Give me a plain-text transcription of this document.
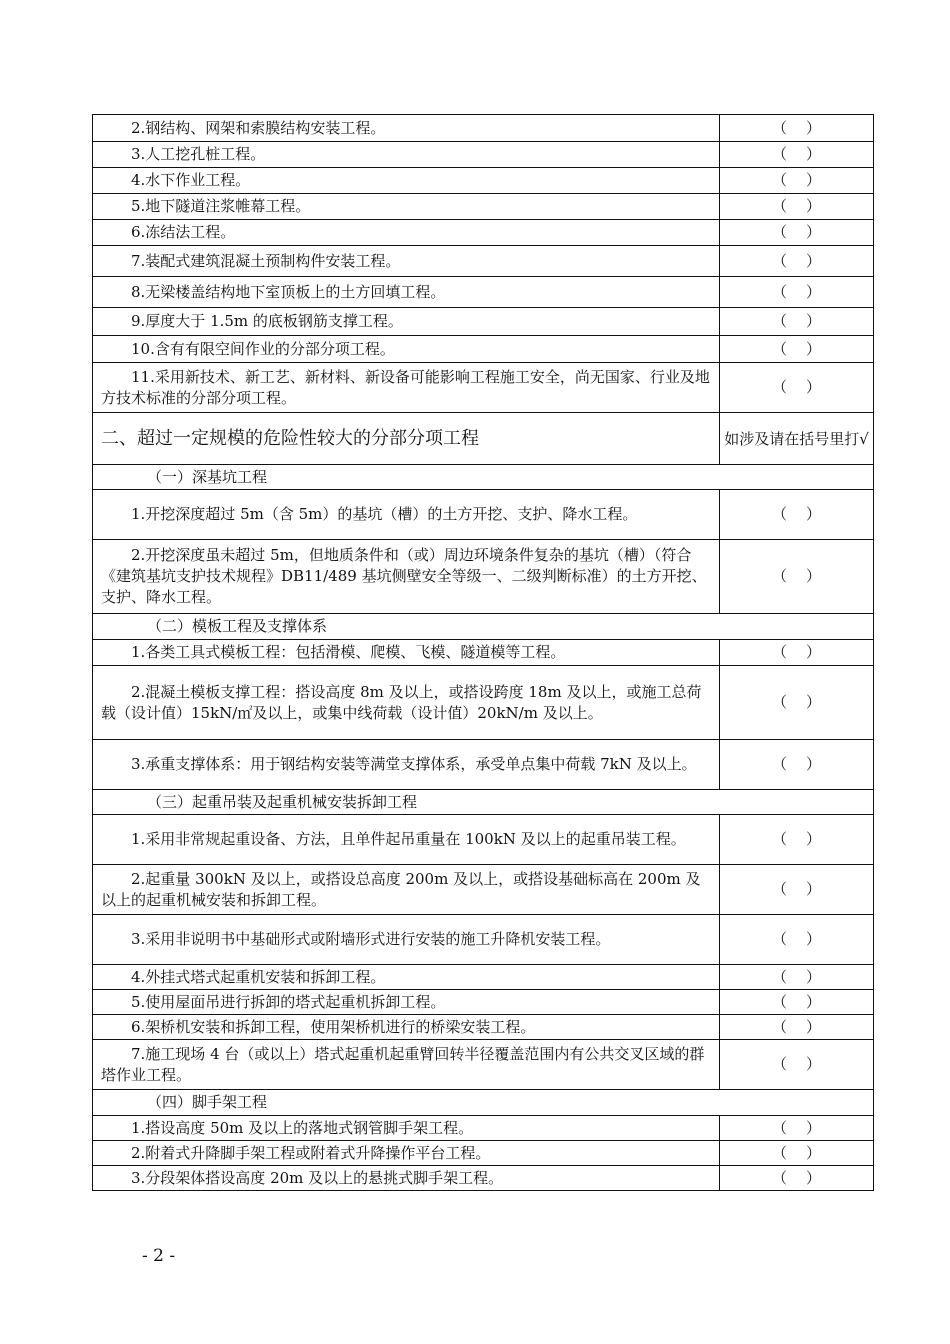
2.钢结构、网架和索膜结构安装工程。	（    ）
3.人工挖孔桩工程。	（    ）
4.水下作业工程。	（    ）
5.地下隧道注浆帷幕工程。	（    ）
6.冻结法工程。	（    ）
7.装配式建筑混凝土预制构件安装工程。	（    ）
8.无梁楼盖结构地下室顶板上的土方回填工程。	（    ）
9.厚度大于 1.5m 的底板钢筋支撑工程。	（    ）
10.含有有限空间作业的分部分项工程。	（    ）
11.采用新技术、新工艺、新材料、新设备可能影响工程施工安全，尚无国家、行业及地方技术标准的分部分项工程。	（    ）
二、超过一定规模的危险性较大的分部分项工程	如涉及请在括号里打√
（一）深基坑工程	
1.开挖深度超过 5m（含 5m）的基坑（槽）的土方开挖、支护、降水工程。	（    ）
2.开挖深度虽未超过 5m，但地质条件和（或）周边环境条件复杂的基坑（槽）（符合《建筑基坑支护技术规程》DB11/489 基坑侧壁安全等级一、二级判断标准）的土方开挖、支护、降水工程。	（    ）
（二）模板工程及支撑体系	
1.各类工具式模板工程：包括滑模、爬模、飞模、隧道模等工程。	（    ）
2.混凝土模板支撑工程：搭设高度 8m 及以上，或搭设跨度 18m 及以上，或施工总荷载（设计值）15kN/㎡及以上，或集中线荷载（设计值）20kN/m 及以上。	（    ）
3.承重支撑体系：用于钢结构安装等满堂支撑体系，承受单点集中荷载 7kN 及以上。	（    ）
（三）起重吊装及起重机械安装拆卸工程	
1.采用非常规起重设备、方法，且单件起吊重量在 100kN 及以上的起重吊装工程。	（    ）
2.起重量 300kN 及以上，或搭设总高度 200m 及以上，或搭设基础标高在 200m 及以上的起重机械安装和拆卸工程。	（    ）
3.采用非说明书中基础形式或附墙形式进行安装的施工升降机安装工程。	（    ）
4.外挂式塔式起重机安装和拆卸工程。	（    ）
5.使用屋面吊进行拆卸的塔式起重机拆卸工程。	（    ）
6.架桥机安装和拆卸工程，使用架桥机进行的桥梁安装工程。	（    ）
7.施工现场 4 台（或以上）塔式起重机起重臂回转半径覆盖范围内有公共交叉区域的群塔作业工程。	（    ）
（四）脚手架工程	
1.搭设高度 50m 及以上的落地式钢管脚手架工程。	（    ）
2.附着式升降脚手架工程或附着式升降操作平台工程。	（    ）
3.分段架体搭设高度 20m 及以上的悬挑式脚手架工程。	（    ）
- 2 -
